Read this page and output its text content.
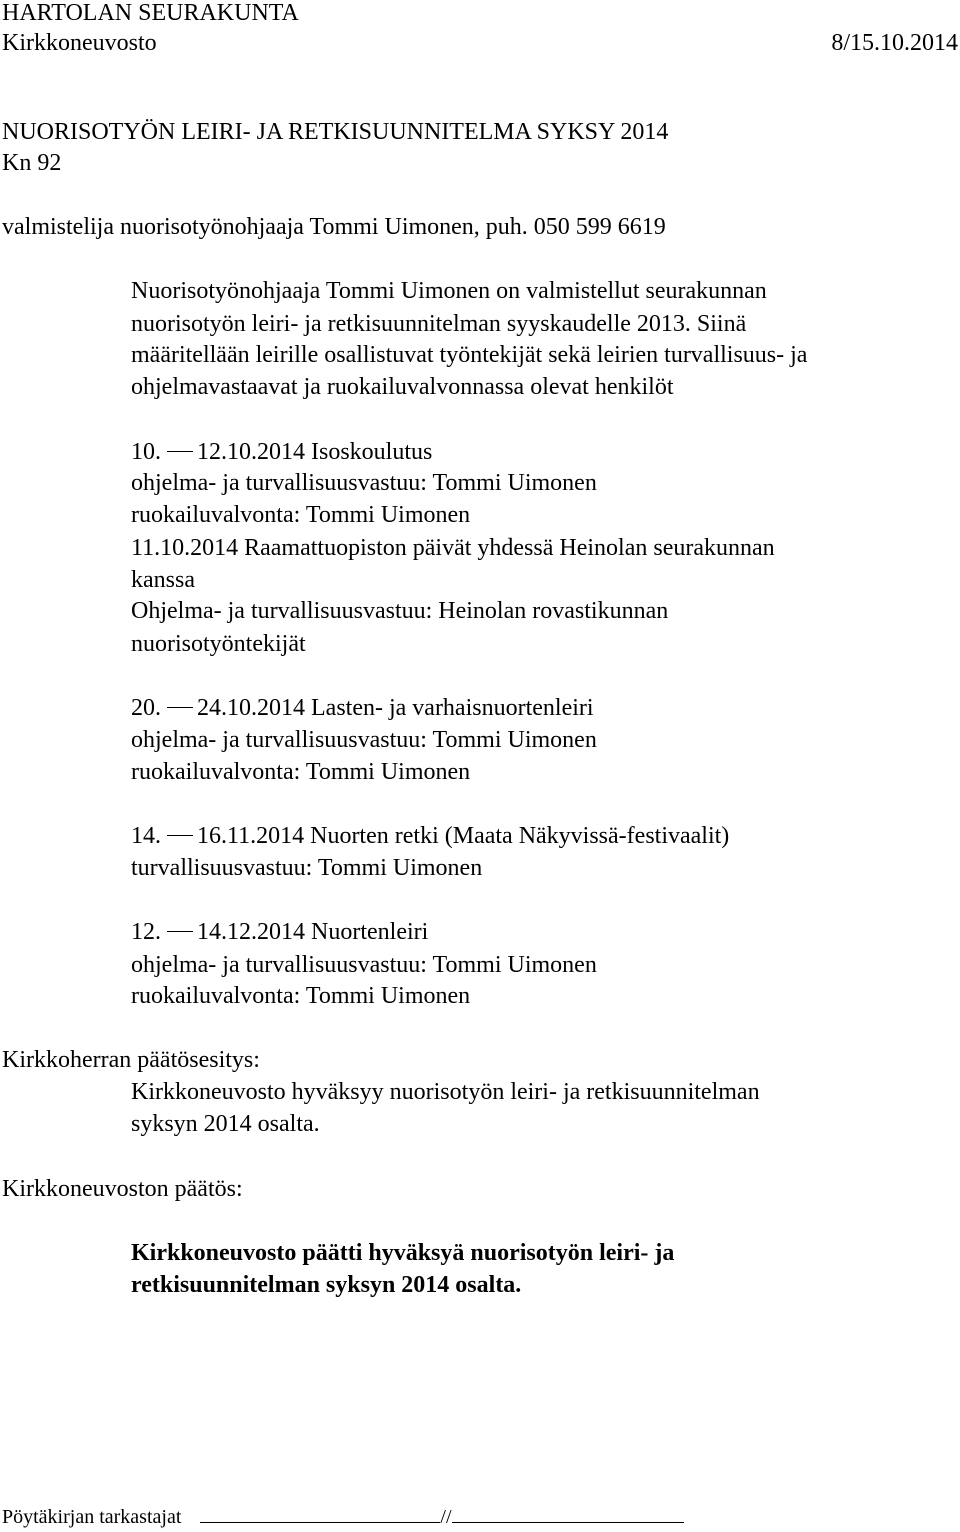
HARTOLAN SEURAKUNTA
Kirkkoneuvosto	8/15.10.2014
NUORISOTYÖN LEIRI- JA RETKISUUNNITELMA SYKSY 2014
Kn 92
valmistelija nuorisotyönohjaaja Tommi Uimonen, puh. 050 599 6619
Nuorisotyönohjaaja Tommi Uimonen on valmistellut seurakunnan
nuorisotyön leiri- ja retkisuunnitelman syyskaudelle 2013. Siinä
määritellään leirille osallistuvat työntekijät sekä leirien turvallisuus- ja
ohjelmavastaavat ja ruokailuvalvonnassa olevat henkilöt
10. 12.10.2014 Isoskoulutus
ohjelma- ja turvallisuusvastuu: Tommi Uimonen
ruokailuvalvonta: Tommi Uimonen
11.10.2014 Raamattuopiston päivät yhdessä Heinolan seurakunnan
kanssa
Ohjelma- ja turvallisuusvastuu: Heinolan rovastikunnan
nuorisotyöntekijät
20. 24.10.2014 Lasten- ja varhaisnuortenleiri
ohjelma- ja turvallisuusvastuu: Tommi Uimonen
ruokailuvalvonta: Tommi Uimonen
14. 16.11.2014 Nuorten retki (Maata Näkyvissä-festivaalit)
turvallisuusvastuu: Tommi Uimonen
12. 14.12.2014 Nuortenleiri
ohjelma- ja turvallisuusvastuu: Tommi Uimonen
ruokailuvalvonta: Tommi Uimonen
Kirkkoherran päätösesitys:
Kirkkoneuvosto hyväksyy nuorisotyön leiri- ja retkisuunnitelman
syksyn 2014 osalta.
Kirkkoneuvoston päätös:
Kirkkoneuvosto päätti hyväksyä nuorisotyön leiri- ja
retkisuunnitelman syksyn 2014 osalta.
Pöytäkirjan tarkastajat	//
